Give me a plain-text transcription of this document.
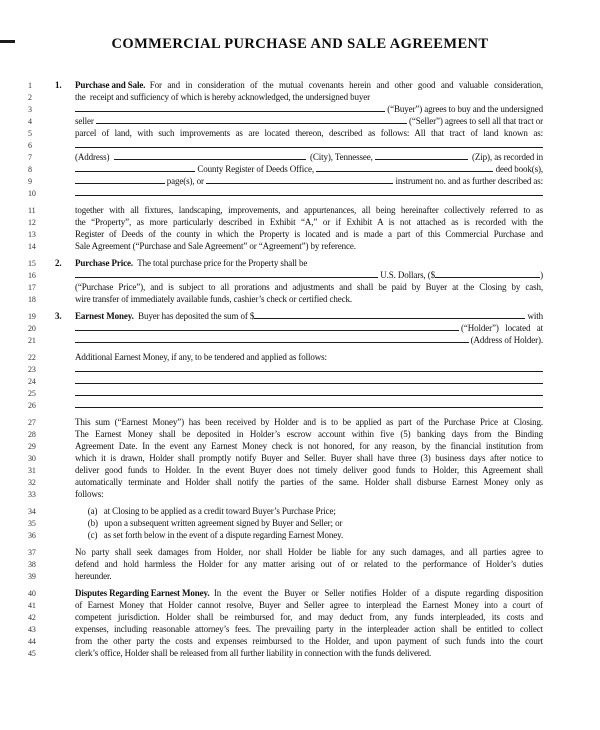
COMMERCIAL PURCHASE AND SALE AGREEMENT
1	1.	Purchase and Sale. For and in consideration of the mutual covenants herein and other good and valuable consideration,
2	the  receipt and sufficiency of which is hereby acknowledged, the undersigned buyer
3	(“Buyer”) agrees to buy and the undersigned
4	seller	(“Seller”) agrees to sell all that tract or
5	parcel of land, with such improvements as are located thereon, described as follows: All that tract of land known as:
6
7	(Address)	(City), Tennessee,	(Zip), as recorded in
8	County Register of Deeds Office,	deed book(s),
9	page(s), or	instrument no. and as further described as:
10
11	together with all fixtures, landscaping, improvements, and appurtenances, all being hereinafter collectively referred to as
12	the “Property”, as more particularly described in Exhibit “A,” or if Exhibit A is not attached as is recorded with the
13	Register of Deeds of the county in which the Property is located and is made a part of this Commercial Purchase and
14	Sale Agreement (“Purchase and Sale Agreement” or “Agreement”) by reference.
15	2.	Purchase Price. The total purchase price for the Property shall be
16	U.S. Dollars, ($	)
17	(“Purchase Price”), and is subject to all prorations and adjustments and shall be paid by Buyer at the Closing by cash,
18	wire transfer of immediately available funds, cashier’s check or certified check.
19	3.	Earnest Money. Buyer has deposited the sum of $	with
20	(“Holder”)   located   at
21	(Address of Holder).
22	Additional Earnest Money, if any, to be tendered and applied as follows:
23
24
25
26
27	This sum (“Earnest Money”) has been received by Holder and is to be applied as part of the Purchase Price at Closing.
28	The Earnest Money shall be deposited in Holder’s escrow account within five (5) banking days from the Binding
29	Agreement Date. In the event any Earnest Money check is not honored, for any reason, by the financial institution from
30	which it is drawn, Holder shall promptly notify Buyer and Seller. Buyer shall have three (3) business days after notice to
31	deliver good funds to Holder. In the event Buyer does not timely deliver good funds to Holder, this Agreement shall
32	automatically terminate and Holder shall notify the parties of the same. Holder shall disburse Earnest Money only as
33	follows:
34	(a)   at Closing to be applied as a credit toward Buyer’s Purchase Price;
35	(b)   upon a subsequent written agreement signed by Buyer and Seller; or
36	(c)   as set forth below in the event of a dispute regarding Earnest Money.
37	No party shall seek damages from Holder, nor shall Holder be liable for any such damages, and all parties agree to
38	defend and hold harmless the Holder for any matter arising out of or related to the performance of Holder’s duties
39	hereunder.
40	Disputes Regarding Earnest Money. In the event the Buyer or Seller notifies Holder of a dispute regarding disposition
41	of Earnest Money that Holder cannot resolve, Buyer and Seller agree to interplead the Earnest Money into a court of
42	competent jurisdiction. Holder shall be reimbursed for, and may deduct from, any funds interpleaded, its costs and
43	expenses, including reasonable attorney’s fees. The prevailing party in the interpleader action shall be entitled to collect
44	from the other party the costs and expenses reimbursed to the Holder, and upon payment of such funds into the court
45	clerk’s office, Holder shall be released from all further liability in connection with the funds delivered.
